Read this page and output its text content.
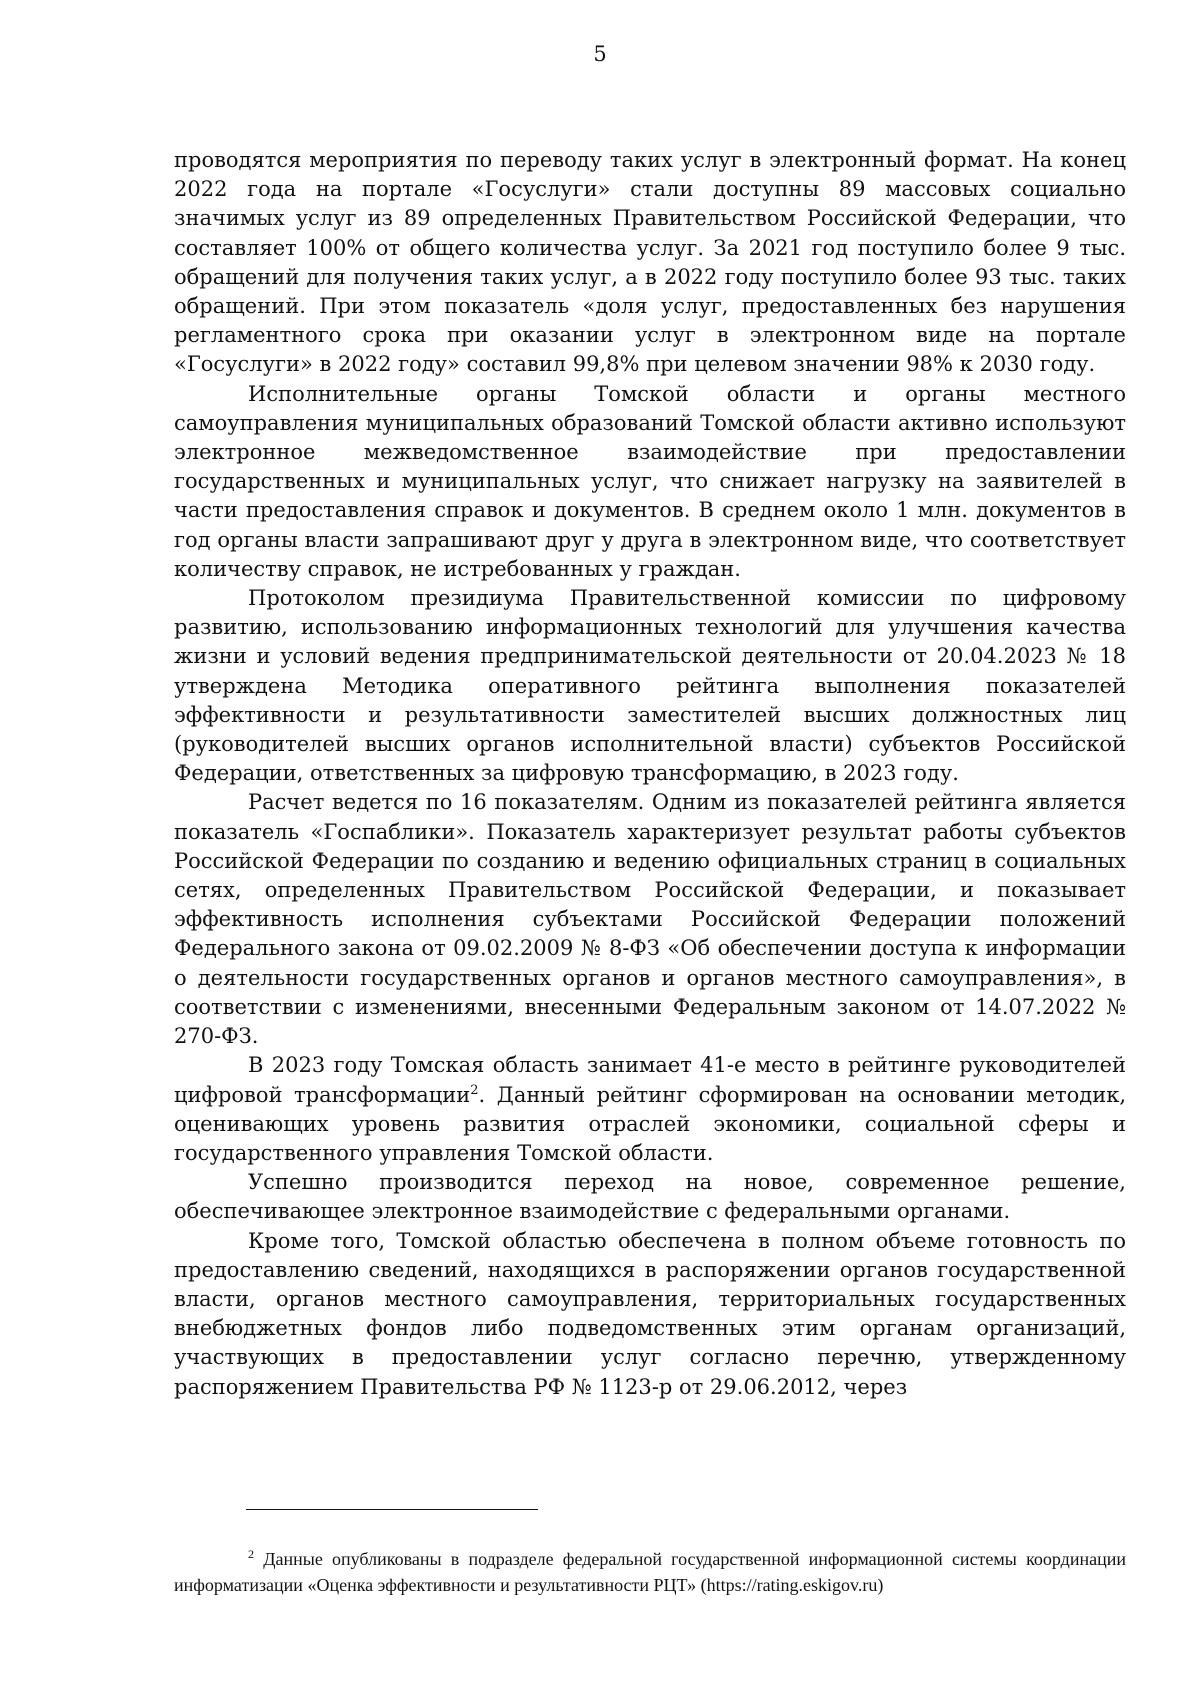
5

проводятся мероприятия по переводу таких услуг в электронный формат. На конец 2022 года на портале «Госуслуги» стали доступны 89 массовых социально значимых услуг из 89 определенных Правительством Российской Федерации, что составляет 100% от общего количества услуг. За 2021 год поступило более 9 тыс. обращений для получения таких услуг, а в 2022 году поступило более 93 тыс. таких обращений. При этом показатель «доля услуг, предоставленных без нарушения регламентного срока при оказании услуг в электронном виде на портале «Госуслуги» в 2022 году» составил 99,8% при целевом значении 98% к 2030 году.

Исполнительные органы Томской области и органы местного самоуправления муниципальных образований Томской области активно используют электронное межведомственное взаимодействие при предоставлении государственных и муниципальных услуг, что снижает нагрузку на заявителей в части предоставления справок и документов. В среднем около 1 млн. документов в год органы власти запрашивают друг у друга в электронном виде, что соответствует количеству справок, не истребованных у граждан.

Протоколом президиума Правительственной комиссии по цифровому развитию, использованию информационных технологий для улучшения качества жизни и условий ведения предпринимательской деятельности от 20.04.2023 № 18 утверждена Методика оперативного рейтинга выполнения показателей эффективности и результативности заместителей высших должностных лиц (руководителей высших органов исполнительной власти) субъектов Российской Федерации, ответственных за цифровую трансформацию, в 2023 году.

Расчет ведется по 16 показателям. Одним из показателей рейтинга является показатель «Госпаблики». Показатель характеризует результат работы субъектов Российской Федерации по созданию и ведению официальных страниц в социальных сетях, определенных Правительством Российской Федерации, и показывает эффективность исполнения субъектами Российской Федерации положений Федерального закона от 09.02.2009 № 8-ФЗ «Об обеспечении доступа к информации о деятельности государственных органов и органов местного самоуправления», в соответствии с изменениями, внесенными Федеральным законом от 14.07.2022 № 270-ФЗ.

В 2023 году Томская область занимает 41-е место в рейтинге руководителей цифровой трансформации$^2$. Данный рейтинг сформирован на основании методик, оценивающих уровень развития отраслей экономики, социальной сферы и государственного управления Томской области.

Успешно производится переход на новое, современное решение, обеспечивающее электронное взаимодействие с федеральными органами.

Кроме того, Томской областью обеспечена в полном объеме готовность по предоставлению сведений, находящихся в распоряжении органов государственной власти, органов местного самоуправления, территориальных государственных внебюджетных фондов либо подведомственных этим органам организаций, участвующих в предоставлении услуг согласно перечню, утвержденному распоряжением Правительства РФ № 1123-р от 29.06.2012, через

$^2$ Данные опубликованы в подразделе федеральной государственной информационной системы координации информатизации «Оценка эффективности и результативности РЦТ» (https://rating.eskigov.ru)
